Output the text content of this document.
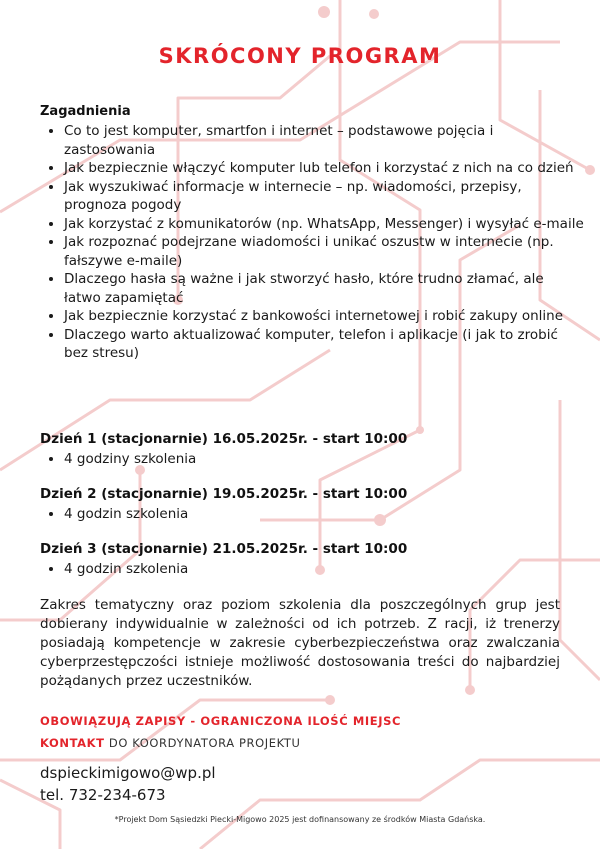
SKRÓCONY PROGRAM
Zagadnienia
• Co to jest komputer, smartfon i internet – podstawowe pojęcia i zastosowania
• Jak bezpiecznie włączyć komputer lub telefon i korzystać z nich na co dzień
• Jak wyszukiwać informacje w internecie – np. wiadomości, przepisy, prognoza pogody
• Jak korzystać z komunikatorów (np. WhatsApp, Messenger) i wysyłać e-maile
• Jak rozpoznać podejrzane wiadomości i unikać oszustw w internecie (np. fałszywe e-maile)
• Dlaczego hasła są ważne i jak stworzyć hasło, które trudno złamać, ale łatwo zapamiętać
• Jak bezpiecznie korzystać z bankowości internetowej i robić zakupy online
• Dlaczego warto aktualizować komputer, telefon i aplikacje (i jak to zrobić bez stresu)
Dzień 1 (stacjonarnie) 16.05.2025r. - start 10:00
• 4 godziny szkolenia
Dzień 2 (stacjonarnie) 19.05.2025r. - start 10:00
• 4 godzin szkolenia
Dzień 3 (stacjonarnie) 21.05.2025r. - start 10:00
• 4 godzin szkolenia

Zakres tematyczny oraz poziom szkolenia dla poszczególnych grup jest dobierany indywidualnie w zależności od ich potrzeb. Z racji, iż trenerzy posiadają kompetencje w zakresie cyberbezpieczeństwa oraz zwalczania cyberprzestępczości istnieje możliwość dostosowania treści do najbardziej pożądanych przez uczestników.

OBOWIĄZUJĄ ZAPISY - OGRANICZONA ILOŚĆ MIEJSC
KONTAKT DO KOORDYNATORA PROJEKTU
dspieckimigowo@wp.pl
tel. 732-234-673
*Projekt Dom Sąsiedzki Piecki-Migowo 2025 jest dofinansowany ze środków Miasta Gdańska.
